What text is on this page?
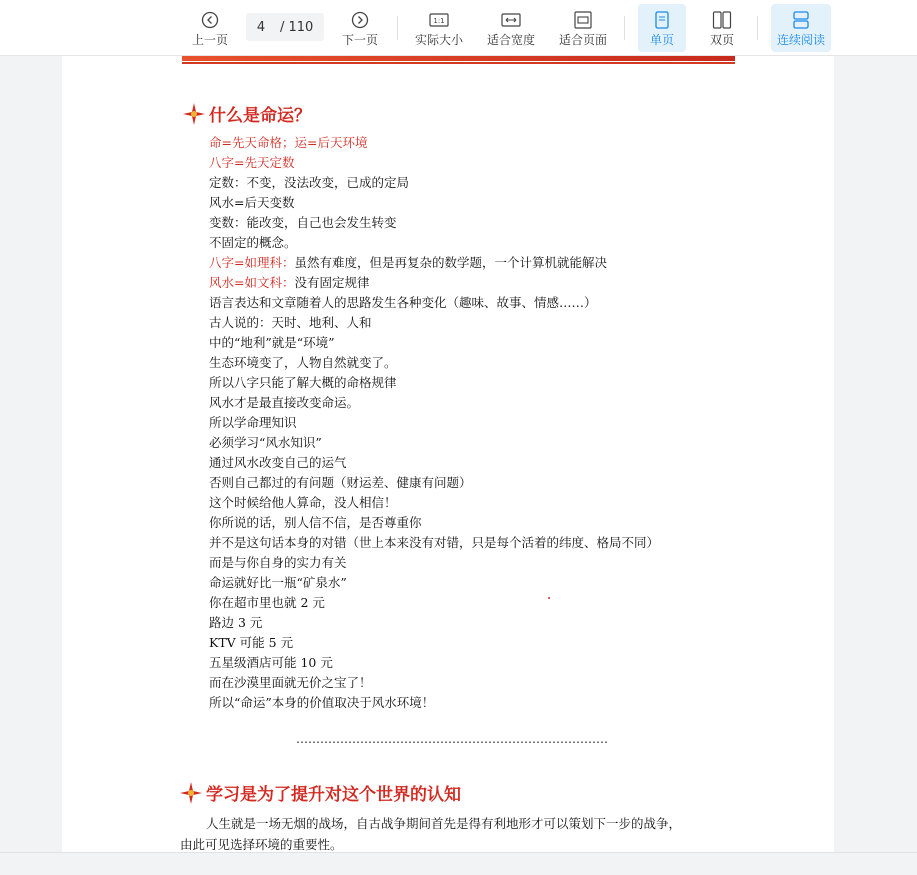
上一页
4
/ 110
下一页
1:1
实际大小 适合宽度 适合页面	单页	双页	连续阅读
什么是命运？
命=先天命格；运=后天环境
八字=先天定数
定数：不变，没法改变，已成的定局
风水=后天变数
变数：能改变，自己也会发生转变
不固定的概念。
八字=如理科：虽然有难度，但是再复杂的数学题，一个计算机就能解决
风水=如文科：没有固定规律
语言表达和文章随着人的思路发生各种变化（趣味、故事、情感……）
古人说的：天时、地利、人和
中的“地利”就是“环境”
生态环境变了，人物自然就变了。
所以八字只能了解大概的命格规律
风水才是最直接改变命运。
所以学命理知识
必须学习“风水知识”
通过风水改变自己的运气
否则自己都过的有问题（财运差、健康有问题）
这个时候给他人算命，没人相信！
你所说的话，别人信不信，是否尊重你
并不是这句话本身的对错（世上本来没有对错，只是每个活着的纬度、格局不同）
而是与你自身的实力有关
命运就好比一瓶“矿泉水”
你在超市里也就 2 元
路边 3 元
KTV 可能 5 元
五星级酒店可能 10 元
而在沙漠里面就无价之宝了！
所以“命运”本身的价值取决于风水环境！
……………………………………………………………………
学习是为了提升对这个世界的认知
人生就是一场无烟的战场，自古战争期间首先是得有利地形才可以策划下一步的战争，
由此可见选择环境的重要性。
